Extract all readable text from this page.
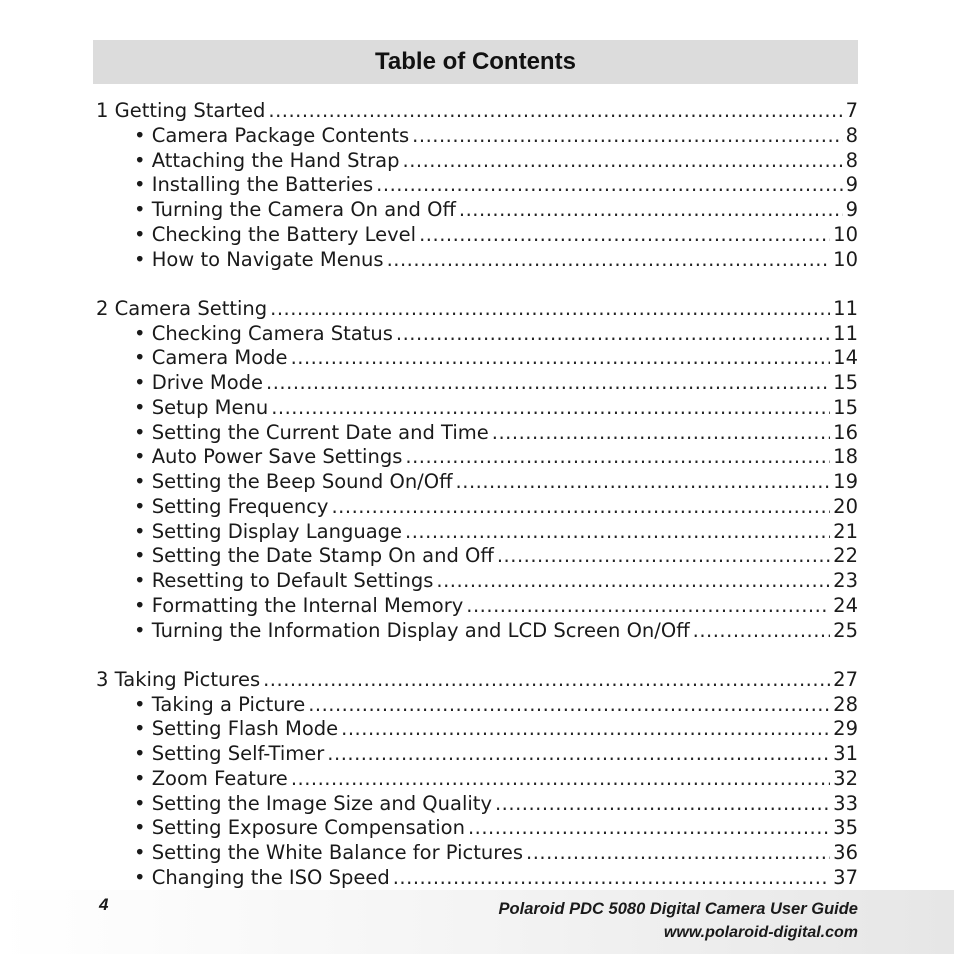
Table of Contents
1 Getting Started .....	7
• Camera Package Contents .....	8
• Attaching the Hand Strap .....	8
• Installing the Batteries .....	9
• Turning the Camera On and Off .....	9
• Checking the Battery Level .....	10
• How to Navigate Menus .....	10
2 Camera Setting .....	11
• Checking Camera Status .....	11
• Camera Mode .....	14
• Drive Mode .....	15
• Setup Menu .....	15
• Setting the Current Date and Time .....	16
• Auto Power Save Settings .....	18
• Setting the Beep Sound On/Off .....	19
• Setting Frequency .....	20
• Setting Display Language .....	21
• Setting the Date Stamp On and Off .....	22
• Resetting to Default Settings .....	23
• Formatting the Internal Memory .....	24
• Turning the Information Display and LCD Screen On/Off .....	25
3 Taking Pictures .....	27
• Taking a Picture .....	28
• Setting Flash Mode .....	29
• Setting Self-Timer .....	31
• Zoom Feature .....	32
• Setting the Image Size and Quality .....	33
• Setting Exposure Compensation .....	35
• Setting the White Balance for Pictures .....	36
• Changing the ISO Speed .....	37
4	Polaroid PDC 5080 Digital Camera User Guide
www.polaroid-digital.com
